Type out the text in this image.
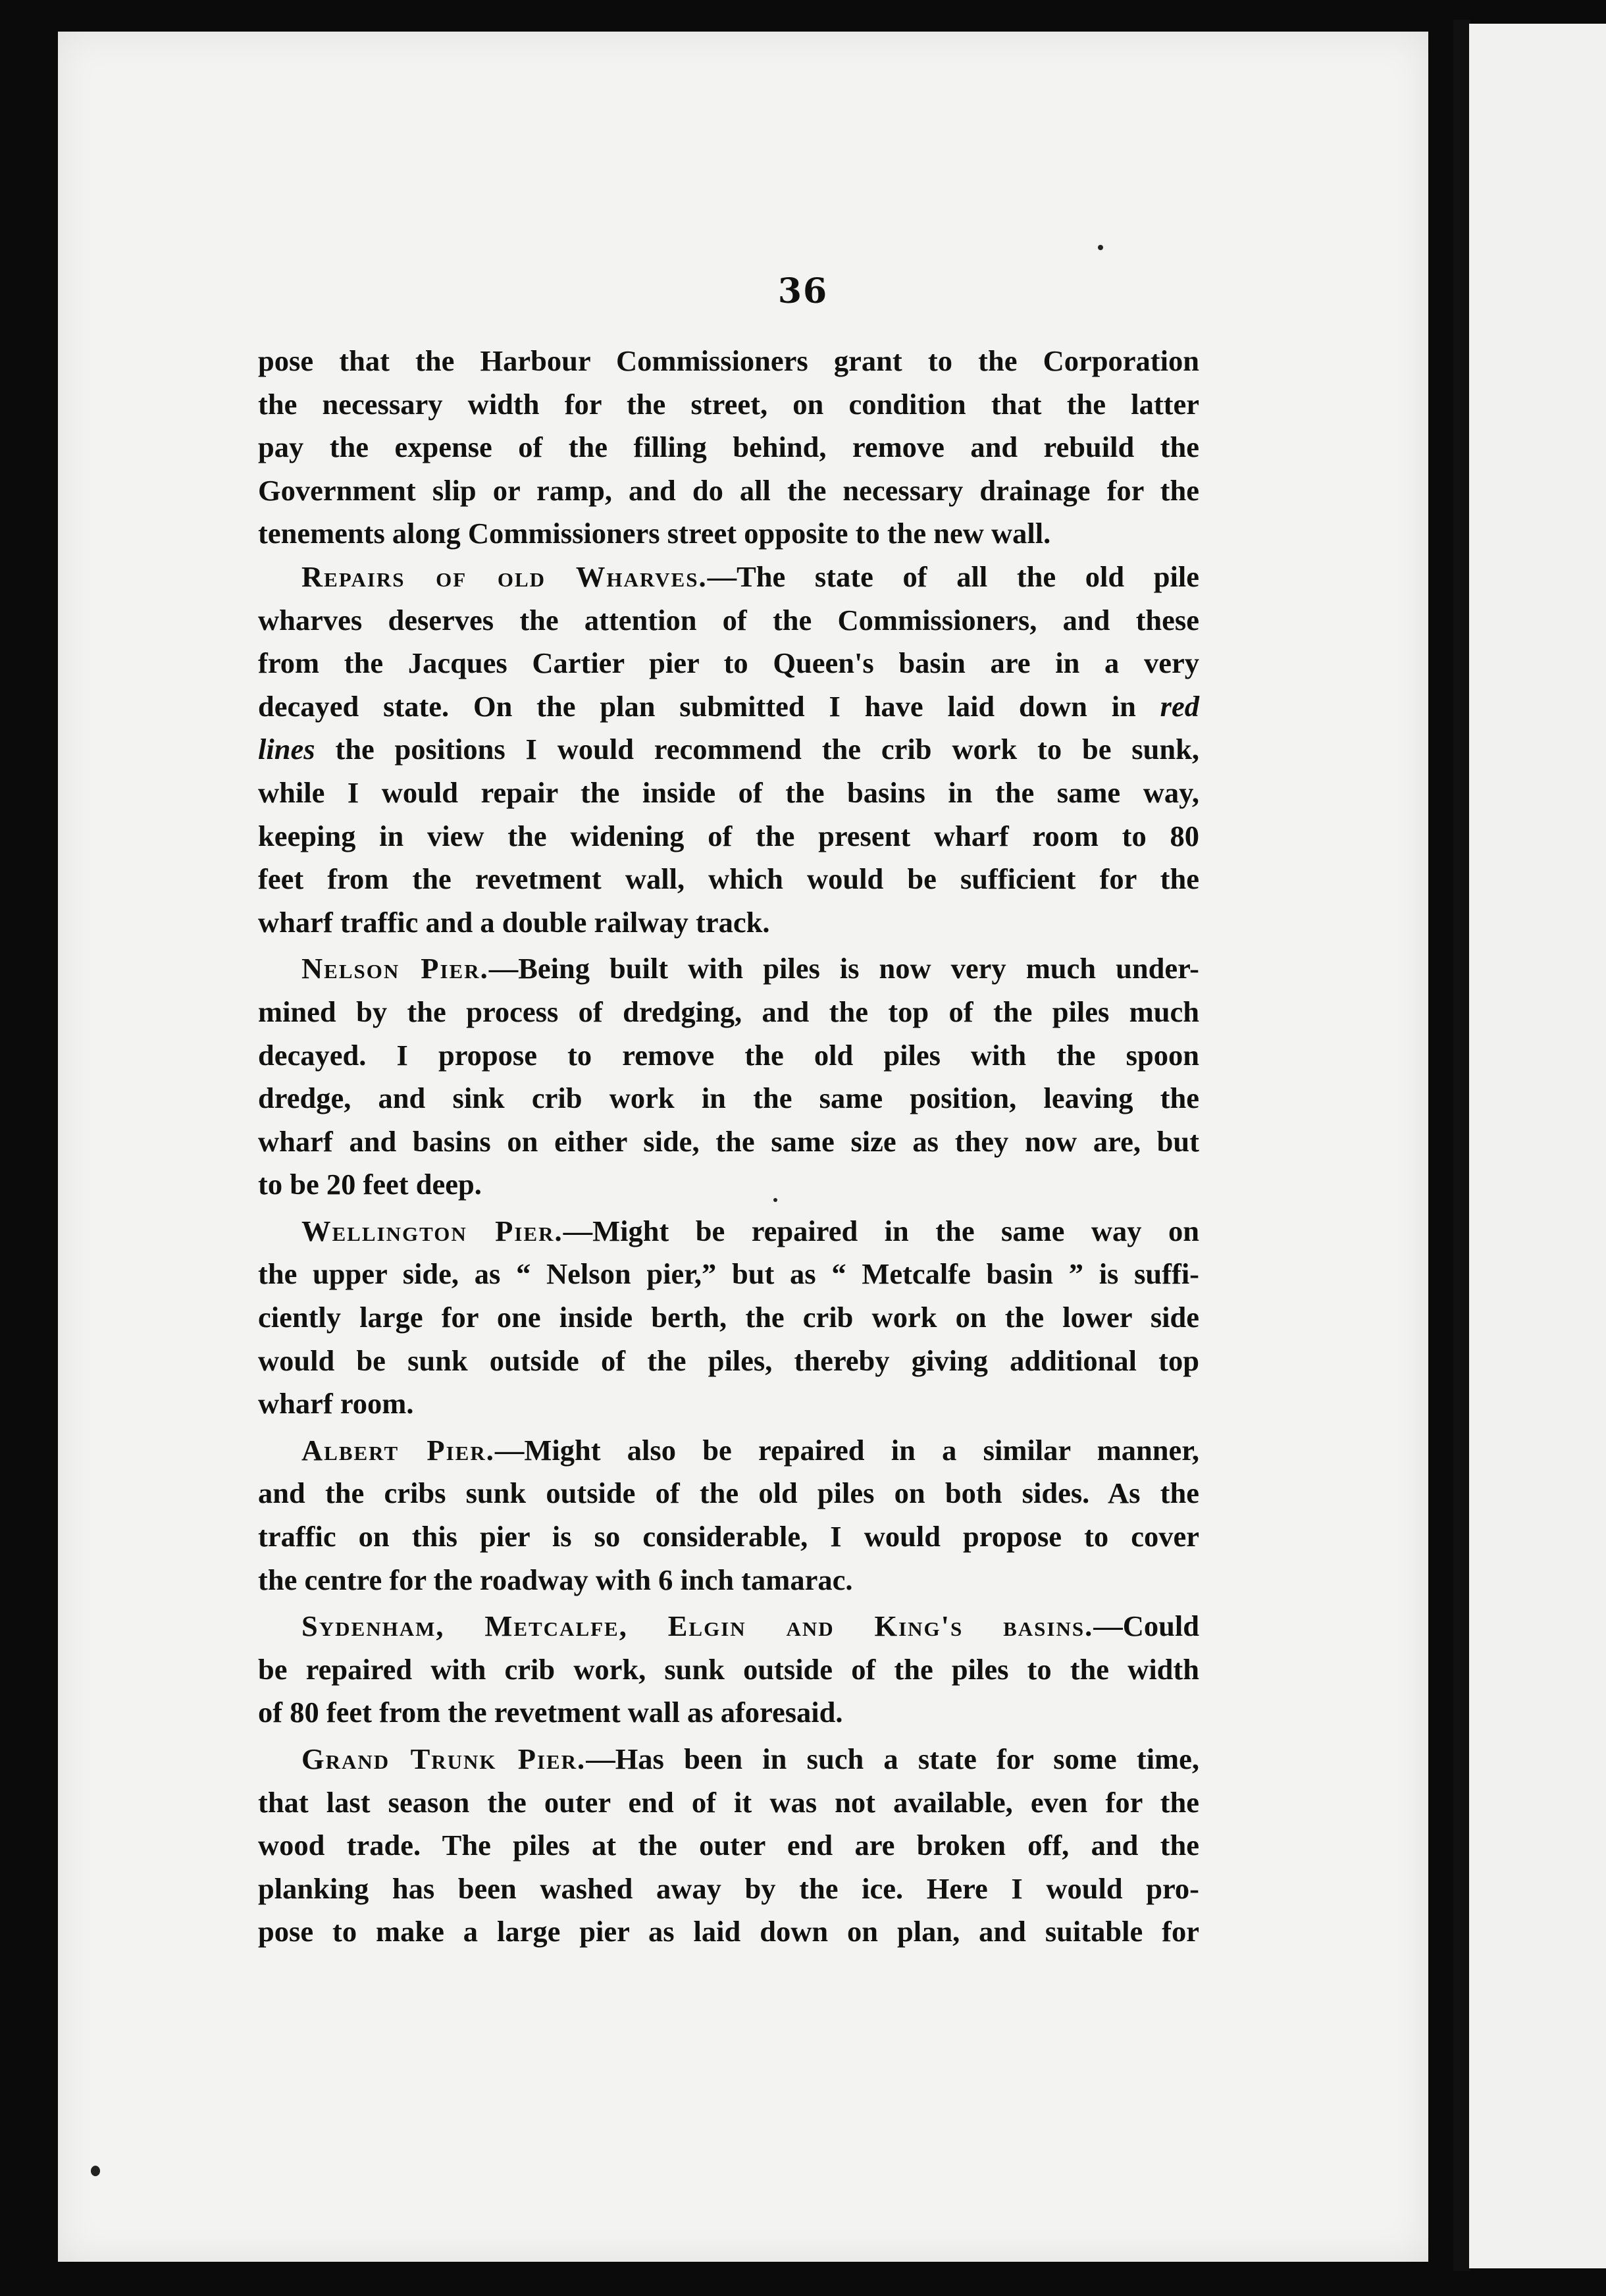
36
pose that the Harbour Commissioners grant to the Corporation
the necessary width for the street, on condition that the latter
pay the expense of the filling behind, remove and rebuild the
Government slip or ramp, and do all the necessary drainage for the
tenements along Commissioners street opposite to the new wall.
Repairs of old Wharves.—The state of all the old pile
wharves deserves the attention of the Commissioners, and these
from the Jacques Cartier pier to Queen's basin are in a very
decayed state. On the plan submitted I have laid down in red
lines the positions I would recommend the crib work to be sunk,
while I would repair the inside of the basins in the same way,
keeping in view the widening of the present wharf room to 80
feet from the revetment wall, which would be sufficient for the
wharf traffic and a double railway track.
Nelson Pier.—Being built with piles is now very much under-
mined by the process of dredging, and the top of the piles much
decayed. I propose to remove the old piles with the spoon
dredge, and sink crib work in the same position, leaving the
wharf and basins on either side, the same size as they now are, but
to be 20 feet deep.
Wellington Pier.—Might be repaired in the same way on
the upper side, as “ Nelson pier,” but as “ Metcalfe basin ” is suffi-
ciently large for one inside berth, the crib work on the lower side
would be sunk outside of the piles, thereby giving additional top
wharf room.
Albert Pier.—Might also be repaired in a similar manner,
and the cribs sunk outside of the old piles on both sides. As the
traffic on this pier is so considerable, I would propose to cover
the centre for the roadway with 6 inch tamarac.
Sydenham, Metcalfe, Elgin and King's basins.—Could
be repaired with crib work, sunk outside of the piles to the width
of 80 feet from the revetment wall as aforesaid.
Grand Trunk Pier.—Has been in such a state for some time,
that last season the outer end of it was not available, even for the
wood trade. The piles at the outer end are broken off, and the
planking has been washed away by the ice. Here I would pro-
pose to make a large pier as laid down on plan, and suitable for
